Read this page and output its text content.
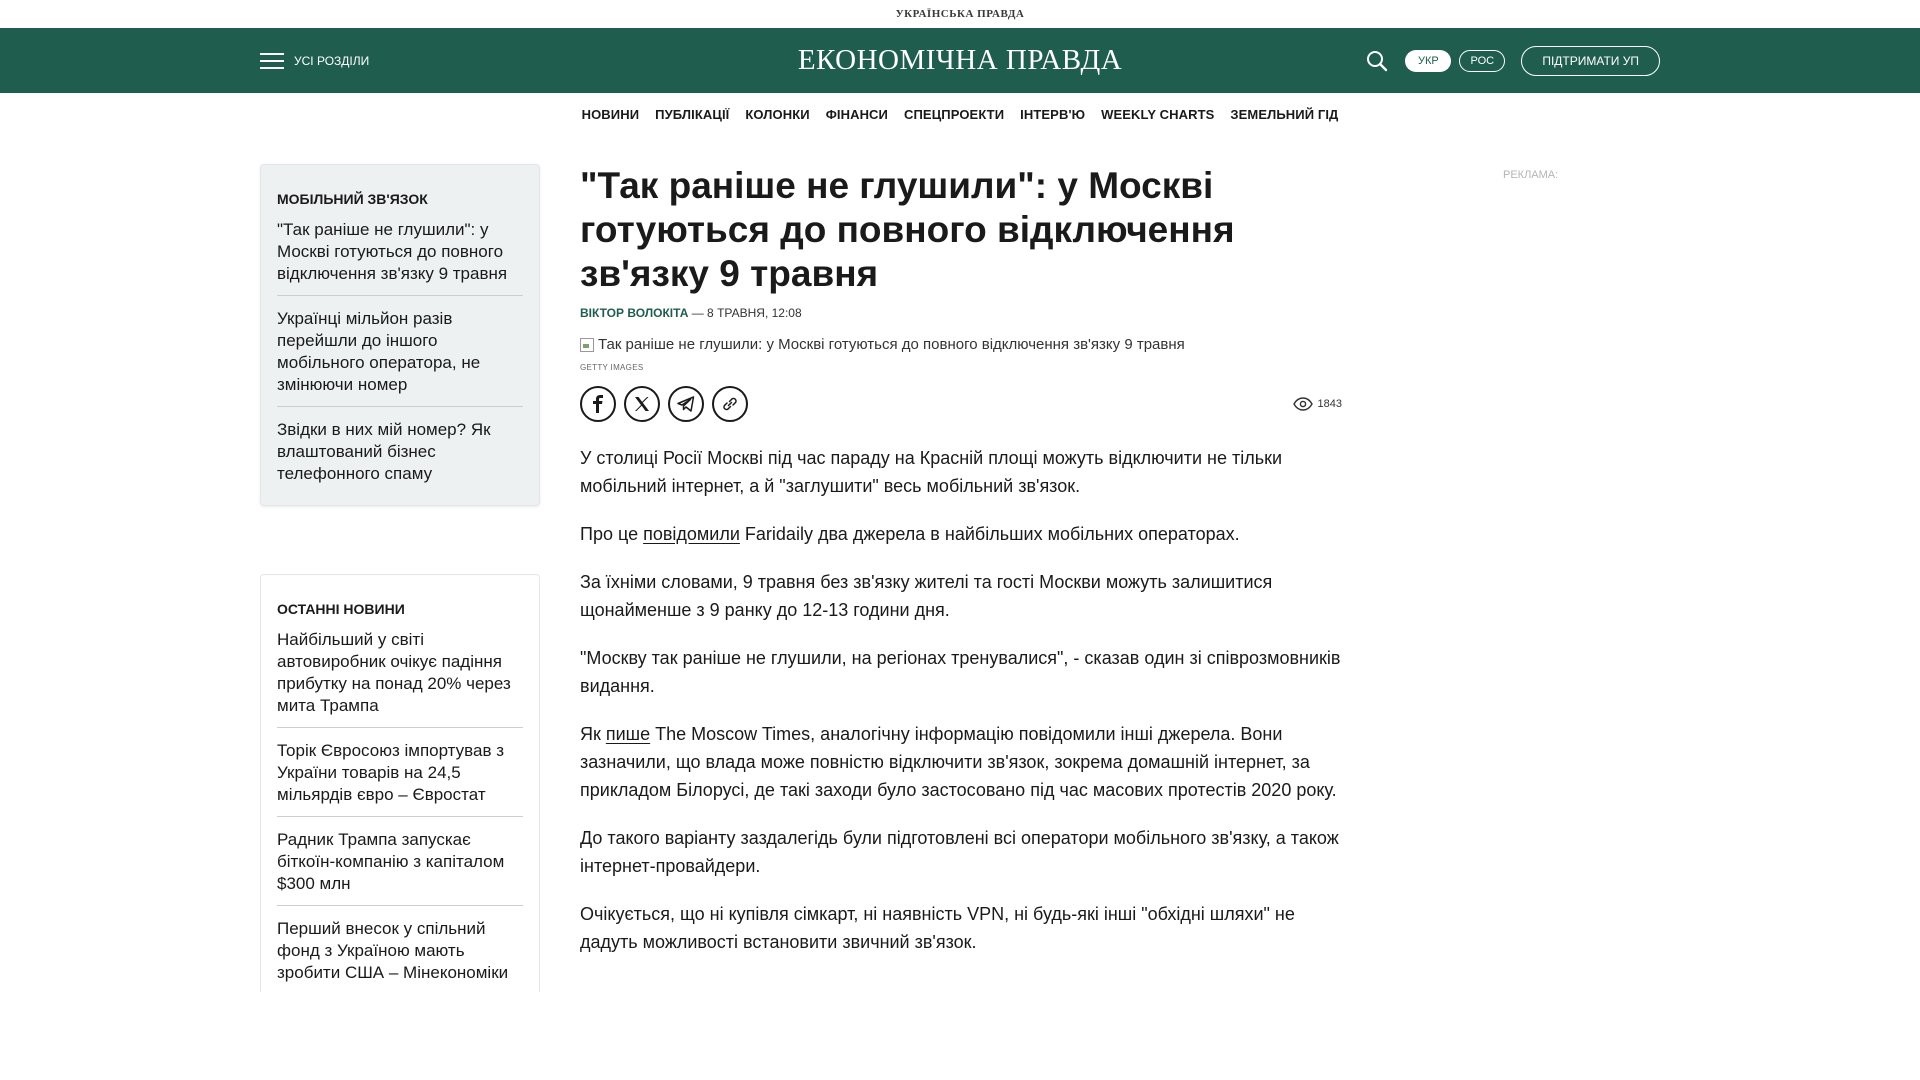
УКРАЇНСЬКА ПРАВДА
УСІ РОЗДІЛИ	ЕКОНОМІЧНА ПРАВДА	УКР	РОС	ПІДТРИМАТИ УП
НОВИНИ ПУБЛІКАЦІЇ КОЛОНКИ ФІНАНСИ СПЕЦПРОЕКТИ ІНТЕРВ'Ю WEEKLY CHARTS ЗЕМЕЛЬНИЙ ГІД
МОБІЛЬНИЙ ЗВ'ЯЗОК
"Так раніше не глушили": у Москві готуються до повного відключення зв'язку 9 травня
Українці мільйон разів перейшли до іншого мобільного оператора, не змінюючи номер
Звідки в них мій номер? Як влаштований бізнес телефонного спаму
ОСТАННІ НОВИНИ
Найбільший у світі автовиробник очікує падіння прибутку на понад 20% через мита Трампа
Торік Євросоюз імпортував з України товарів на 24,5 мільярдів євро – Євростат
Радник Трампа запускає біткоїн-компанію з капіталом $300 млн
Перший внесок у спільний фонд з Україною мають зробити США – Мінекономіки
"Так раніше не глушили": у Москві готуються до повного відключення зв'язку 9 травня
ВІКТОР ВОЛОКІТА — 8 ТРАВНЯ, 12:08
Так раніше не глушили: у Москві готуються до повного відключення зв'язку 9 травня
GETTY IMAGES
1843

У столиці Росії Москві під час параду на Красній площі можуть відключити не тільки мобільний інтернет, а й "заглушити" весь мобільний зв'язок.

Про це повідомили Faridaily два джерела в найбільших мобільних операторах.

За їхніми словами, 9 травня без зв'язку жителі та гості Москви можуть залишитися щонайменше з 9 ранку до 12-13 години дня.

"Москву так раніше не глушили, на регіонах тренувалися", - сказав один зі співрозмовників видання.

Як пише The Moscow Times, аналогічну інформацію повідомили інші джерела. Вони зазначили, що влада може повністю відключити зв'язок, зокрема домашній інтернет, за прикладом Білорусі, де такі заходи було застосовано під час масових протестів 2020 року.

До такого варіанту заздалегідь були підготовлені всі оператори мобільного зв'язку, а також інтернет-провайдери.

Очікується, що ні купівля сімкарт, ні наявність VPN, ні будь-які інші "обхідні шляхи" не дадуть можливості встановити звичний зв'язок.

РЕКЛАМА:
